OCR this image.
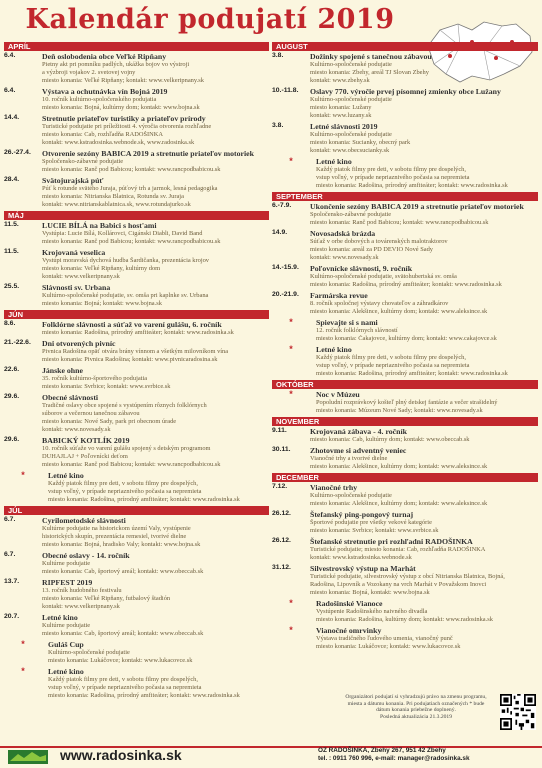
Kalendár podujatí 2019
APRÍL
6.4.	Deň oslobodenia obce Veľké Ripňany
Pietny akt pri pomníku padlých, ukážka bojov vo výstroji
a výzbroji vojakov 2. svetovej vojny
miesto konania: Veľké Ripňany; kontakt: www.velkeripnany.sk
6.4.	Výstava a ochutnávka vín Bojná 2019
10. ročník kultúrno-spoločenského podujatia
miesto konania: Bojná, kultúrny dom; kontakt: www.bojna.sk
14.4.	Stretnutie priateľov turistiky a priateľov prírody
Turistické podujatie pri príležitosti 4. výročia otvorenia rozhľadne
miesto konania: Cab, rozhľadňa RADOŠINKA
kontakt: www.kstradosinka.webnode.sk, www.radosinka.sk
26.-27.4.	Otvorenie sezóny BABICA 2019 a stretnutie priateľov motoriek
Spoločensko-zábavné podujatie
miesto konania: Ranč pod Babicou; kontakt: www.rancpodbabicou.sk
28.4.	Svätojurajská púť
Púť k rotunde svätého Juraja, púťový trh a jarmok, lesná pedagogika
miesto konania: Nitrianska Blatnica, Rotunda sv. Juraja
kontakt: www.nitrianskablatnica.sk, www.rotundajurko.sk
MÁJ
11.5.	LUCIE BÍLÁ na Babici s host'ami
Vystúpia: Lucie Bílá, Kollárovci, Cigánski Diabli, David Band
miesto konania: Ranč pod Babicou; kontakt: www.rancpodbabicou.sk
11.5.	Krojovaná veselica
Vystúpi moravská dychová hudba Šardičanka, prezentácia krojov
miesto konania: Veľké Ripňany, kultúrny dom
kontakt: www.velkeripnany.sk
25.5.	Slávnosti sv. Urbana
Kultúrno-spoločenské podujatie, sv. omša pri kaplnke sv. Urbana
miesto konania: Bojná; kontakt: www.bojna.sk
JÚN
8.6.	Folklórne slávnosti a súťaž vo varení gulášu, 6. ročník
miesto konania: Radošina, prírodný amfiteáter; kontakt: www.radosinka.sk
21.-22.6.	Dni otvorených pivníc
Pivnica Radošina opäť otvára brány vínnom a všetkým milovníkom vína
miesto konania: Pivnica Radošina; kontakt: www.pivnicaradosina.sk
22.6.	Jánske ohne
35. ročník kultúrno-športového podujatia
miesto konania: Svrbice; kontakt: www.svrbice.sk
29.6.	Obecné slávnosti
Tradičné oslavy obce spojené s vystúpením rôznych folklórnych
súborov a večernou tanečnou zábavou
miesto konania: Nové Sady, park pri obecnom úrade
kontakt: www.novesady.sk
29.6.	BABICKÝ KOTLÍK 2019
10. ročník súťaže vo varení gulášu spojený s detským programom
DUHAJLAJ + Poľovnícki deťom
miesto konania: Ranč pod Babicou; kontakt: www.rancpodbabicou.sk
*	Letné kino
Každý piatok filmy pre deti, v sobotu filmy pre dospelých,
vstup voľný, v prípade nepriaznivého počasia sa nepremieta
miesto konania: Radošina, prírodný amfiteáter; kontakt: www.radosinka.sk
JÚL
6.7.	Cyrilometodské slávnosti
Kultúrne podujatie na historickom území Valy, vystúpenie
historických skupín, prezentácia remesiel, tvorivé dielne
miesto konania: Bojná, hradisko Valy; kontakt: www.bojna.sk
6.7.	Obecné oslavy - 14. ročník
Kultúrne podujatie
miesto konania: Cab, športový areál; kontakt: www.obeccab.sk
13.7.	RIPFEST 2019
13. ročník hudobného festivalu
miesto konania: Veľké Ripňany, futbalový štadión
kontakt: www.velkeripnany.sk
20.7.	Letné kino
Kultúrne podujatie
miesto konania: Cab, športový areál; kontakt: www.obeccab.sk
*	Guláš Cup
Kultúrno-spoločenské podujatie
miesto konania: Lukáčovce; kontakt: www.lukacovce.sk
*	Letné kino
Každý piatok filmy pre deti, v sobotu filmy pre dospelých,
vstup voľný, v prípade nepriaznivého počasia sa nepremieta
miesto konania: Radošina, prírodný amfiteáter; kontakt: www.radosinka.sk
AUGUST
3.8.	Dožinky spojené s tanečnou zábavou
Kultúrno-spoločenské podujatie
miesto konania: Zbehy, areál TJ Slovan Zbehy
kontakt: www.zbehy.sk
10.-11.8.	Oslavy 770. výročie prvej písomnej zmienky obce Lužany
Kultúrno-spoločenské podujatie
miesto konania: Lužany
kontakt: www.luzany.sk
3.8.	Letné slávnosti 2019
Kultúrno-spoločenské podujatie
miesto konania: Sucianky, obecný park
kontakt: www.obecsucianky.sk
*	Letné kino
Každý piatok filmy pre deti, v sobotu filmy pre dospelých,
vstup voľný, v prípade nepriaznivého počasia sa nepremieta
miesto konania: Radošina, prírodný amfiteáter; kontakt: www.radosinka.sk
SEPTEMBER
6.-7.9.	Ukončenie sezóny BABICA 2019 a stretnutie priateľov motoriek
Spoločensko-zábavné podujatie
miesto konania: Ranč pod Babicou; kontakt: www.rancpodbabicou.sk
14.9.	Novosadská brázda
Súťaž v orbe dobových a továrenských malotraktorov
miesto konania: areál za PD DEVIO Nové Sady
kontakt: www.novesady.sk
14.-15.9.	Poľovnícke slávnosti, 9. ročník
Kultúrno-spoločenské podujatie, svätohubertská sv. omša
miesto konania: Radošina, prírodný amfiteáter; kontakt: www.radosinka.sk
20.-21.9.	Farmárska revue
8. ročník spoločnej výstavy chovateľov a záhradkárov
miesto konania: Alekšince, kultúrny dom; kontakt: www.aleksince.sk
*	Spievajte si s nami
12. ročník folklórnych slávností
miesto konania: Čakajovce, kultúrny dom; kontakt: www.cakajovce.sk
*	Letné kino
Každý piatok filmy pre deti, v sobotu filmy pre dospelých,
vstup voľný, v prípade nepriaznivého počasia sa nepremieta
miesto konania: Radošina, prírodný amfiteáter; kontakt: www.radosinka.sk
OKTÓBER
*	Noc v Múzeu
Popoludní rozprávkový košteľ plný detskej fantázie a večer strašidelný
miesto konania: Múzeum Nové Sady; kontakt: www.novesady.sk
NOVEMBER
9.11.	Krojovaná zábava - 4. ročník
miesto konania: Cab, kultúrny dom; kontakt: www.obeccab.sk
30.11.	Zhotovme si adventný veniec
Vianočné trhy a tvorivé dielne
miesto konania: Alekšince, kultúrny dom; kontakt: www.aleksince.sk
DECEMBER
7.12.	Vianočné trhy
Kultúrno-spoločenské podujatie
miesto konania: Alekšince, kultúrny dom; kontakt: www.aleksince.sk
26.12.	Štefanský ping-pongový turnaj
Športové podujatie pre všetky vekové kategórie
miesto konania: Svrbice; kontakt: www.svrbice.sk
26.12.	Štefanské stretnutie pri rozhľadni RADOŠINKA
Turistické podujatie; miesto konania: Cab, rozhľadňa RADOŠINKA
kontakt: www.kstradosinka.webnode.sk
31.12.	Silvestrovský výstup na Marhát
Turistické podujatie, silvestrovský výstup z obcí Nitrianska Blatnica, Bojná,
Radošina, Lipovník a Vozokany na vrch Marhát v Považskom Inovci
miesto konania: Bojná, kontakt: www.bojna.sk
*	Radošinské Vianoce
Vystúpenie Radošinského naivného divadla
miesto konania: Radošina, kultúrny dom; kontakt: www.radosinka.sk
*	Vianočné omrvinky
Výstava tradičného ľudového umenia, vianočný punč
miesto konania: Lukáčovce; kontakt: www.lukacovce.sk
Organizátori podujatí si vyhradzujú právo na zmenu programu,
miesta a dátumu konania. Pri podujatiach označených * bude
dátum konania priebežne doplnený.
Posledná aktualizácia 21.3.2019
www.radosinka.sk	OZ RADOŠINKA, Zbehy 267, 951 42 Zbehy
tel. : 0911 760 996, e-mail: manager@radosinka.sk
